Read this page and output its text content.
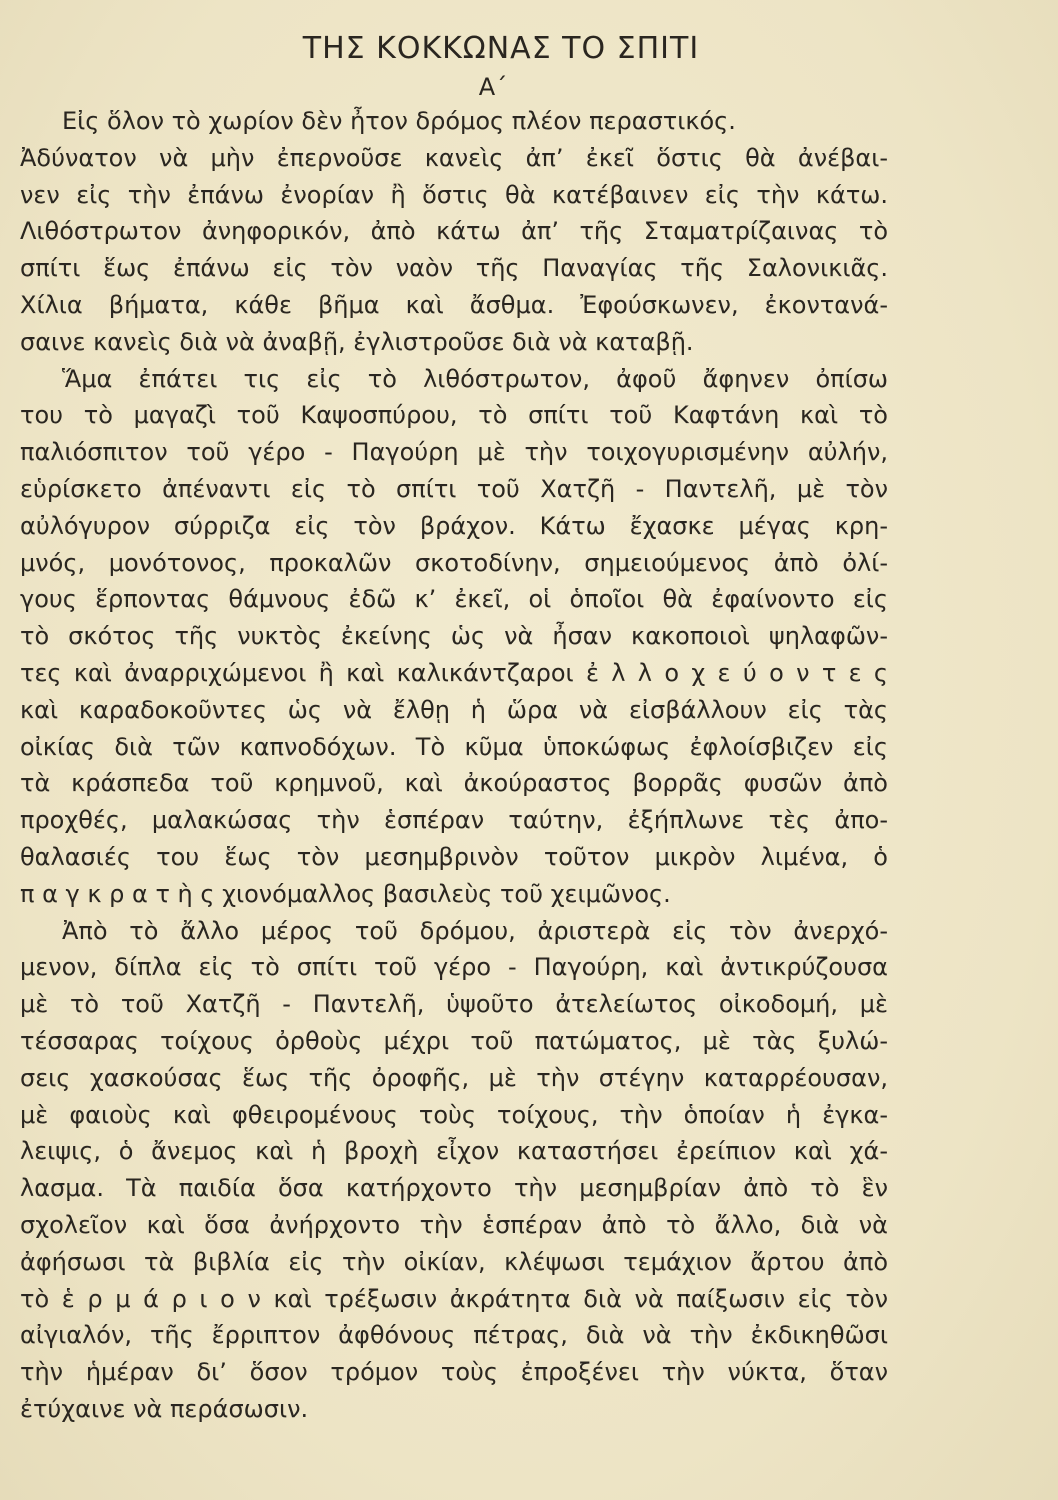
ΤΗΣ ΚΟΚΚΩΝΑΣ ΤΟ ΣΠΙΤΙ
Α΄
Εἰς ὅλον τὸ χωρίον δὲν ἦτον δρόμος πλέον περαστικός.
Ἀδύνατον νὰ μὴν ἐπερνοῦσε κανεὶς ἀπ’ ἐκεῖ ὅστις θὰ ἀνέβαι-
νεν εἰς τὴν ἐπάνω ἐνορίαν ἢ ὅστις θὰ κατέβαινεν εἰς τὴν κάτω.
Λιθόστρωτον ἀνηφορικόν, ἀπὸ κάτω ἀπ’ τῆς Σταματρίζαινας τὸ
σπίτι ἕως ἐπάνω εἰς τὸν ναὸν τῆς Παναγίας τῆς Σαλονικιᾶς.
Χίλια βήματα, κάθε βῆμα καὶ ἄσθμα. Ἐφούσκωνεν, ἐκοντανά-
σαινε κανεὶς διὰ νὰ ἀναβῇ, ἐγλιστροῦσε διὰ νὰ καταβῇ.
Ἅμα ἐπάτει τις εἰς τὸ λιθόστρωτον, ἀφοῦ ἄφηνεν ὀπίσω
του τὸ μαγαζὶ τοῦ Καψοσπύρου, τὸ σπίτι τοῦ Καφτάνη καὶ τὸ
παλιόσπιτον τοῦ γέρο - Παγούρη μὲ τὴν τοιχογυρισμένην αὐλήν,
εὑρίσκετο ἀπέναντι εἰς τὸ σπίτι τοῦ Χατζῆ - Παντελῆ, μὲ τὸν
αὐλόγυρον σύρριζα εἰς τὸν βράχον. Κάτω ἔχασκε μέγας κρη-
μνός, μονότονος, προκαλῶν σκοτοδίνην, σημειούμενος ἀπὸ ὀλί-
γους ἕρποντας θάμνους ἐδῶ κ’ ἐκεῖ, οἱ ὁποῖοι θὰ ἐφαίνοντο εἰς
τὸ σκότος τῆς νυκτὸς ἐκείνης ὡς νὰ ἦσαν κακοποιοὶ ψηλαφῶν-
τες καὶ ἀναρριχώμενοι ἢ καὶ καλικάντζαροι ἐ λ λ ο χ ε ύ ο ν τ ε ς
καὶ καραδοκοῦντες ὡς νὰ ἔλθῃ ἡ ὥρα νὰ εἰσβάλλουν εἰς τὰς
οἰκίας διὰ τῶν καπνοδόχων. Τὸ κῦμα ὑποκώφως ἐφλοίσβιζεν εἰς
τὰ κράσπεδα τοῦ κρημνοῦ, καὶ ἀκούραστος βορρᾶς φυσῶν ἀπὸ
προχθές, μαλακώσας τὴν ἑσπέραν ταύτην, ἐξήπλωνε τὲς ἀπο-
θαλασιές του ἕως τὸν μεσημβρινὸν τοῦτον μικρὸν λιμένα, ὁ
π α γ κ ρ α τ ὴ ς χιονόμαλλος βασιλεὺς τοῦ χειμῶνος.
Ἀπὸ τὸ ἄλλο μέρος τοῦ δρόμου, ἀριστερὰ εἰς τὸν ἀνερχό-
μενον, δίπλα εἰς τὸ σπίτι τοῦ γέρο - Παγούρη, καὶ ἀντικρύζουσα
μὲ τὸ τοῦ Χατζῆ - Παντελῆ, ὑψοῦτο ἀτελείωτος οἰκοδομή, μὲ
τέσσαρας τοίχους ὀρθοὺς μέχρι τοῦ πατώματος, μὲ τὰς ξυλώ-
σεις χασκούσας ἕως τῆς ὀροφῆς, μὲ τὴν στέγην καταρρέουσαν,
μὲ φαιοὺς καὶ φθειρομένους τοὺς τοίχους, τὴν ὁποίαν ἡ ἐγκα-
λειψις, ὁ ἄνεμος καὶ ἡ βροχὴ εἶχον καταστήσει ἐρείπιον καὶ χά-
λασμα. Τὰ παιδία ὅσα κατήρχοντο τὴν μεσημβρίαν ἀπὸ τὸ ἓν
σχολεῖον καὶ ὅσα ἀνήρχοντο τὴν ἑσπέραν ἀπὸ τὸ ἄλλο, διὰ νὰ
ἀφήσωσι τὰ βιβλία εἰς τὴν οἰκίαν, κλέψωσι τεμάχιον ἄρτου ἀπὸ
τὸ ἑ ρ μ ά ρ ι ο ν καὶ τρέξωσιν ἀκράτητα διὰ νὰ παίξωσιν εἰς τὸν
αἰγιαλόν, τῆς ἔρριπτον ἀφθόνους πέτρας, διὰ νὰ τὴν ἐκδικηθῶσι
τὴν ἡμέραν δι’ ὅσον τρόμον τοὺς ἐπροξένει τὴν νύκτα, ὅταν
ἐτύχαινε νὰ περάσωσιν.
